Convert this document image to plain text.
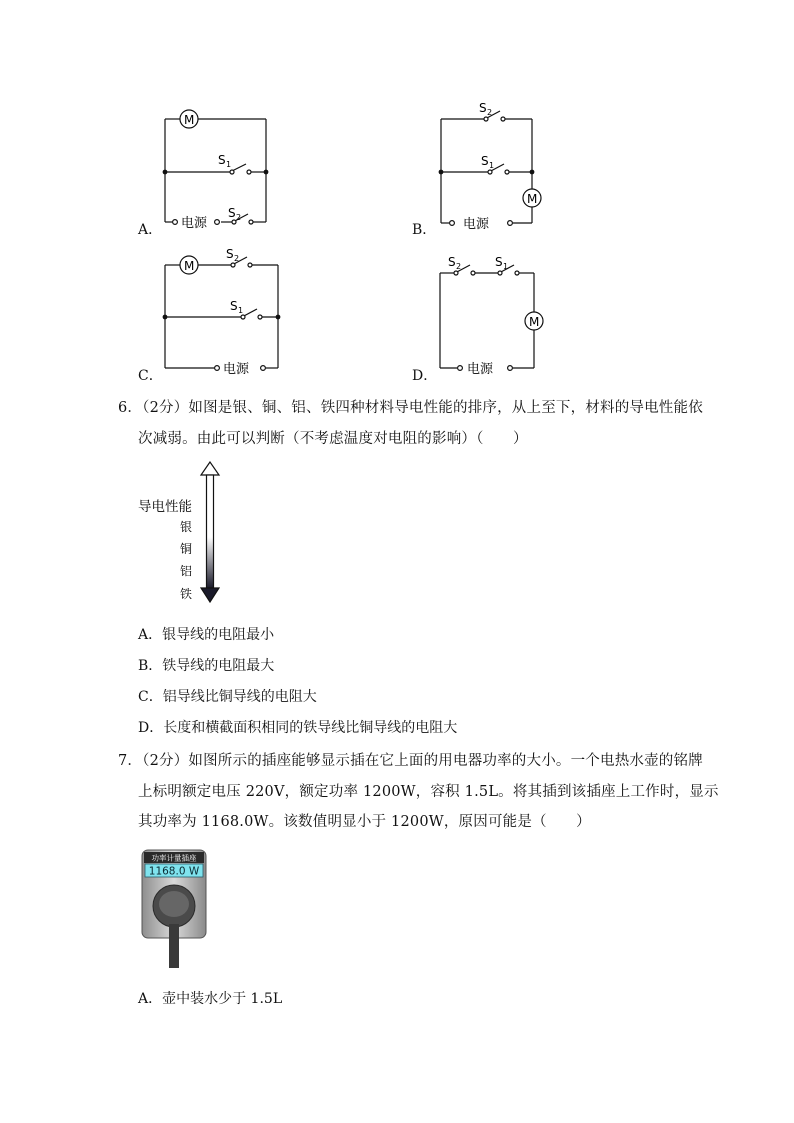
M
S 1
S 2
电源
A．
M
S 2
S 1
电源
B．
M
S 2
S 1
电源
C．
M
S 2	S 1
电源
D．
6．（2分）如图是银、铜、铝、铁四种材料导电性能的排序，从上至下，材料的导电性能依
次减弱。由此可以判断（不考虑温度对电阻的影响）（　　）
导电性能
银
铜
铝
铁
A．银导线的电阻最小
B．铁导线的电阻最大
C．铝导线比铜导线的电阻大
D．长度和横截面积相同的铁导线比铜导线的电阻大
7．（2分）如图所示的插座能够显示插在它上面的用电器功率的大小。一个电热水壶的铭牌
上标明额定电压 220V，额定功率 1200W，容积 1.5L。将其插到该插座上工作时，显示
其功率为 1168.0W。该数值明显小于 1200W，原因可能是（　　）
功率计量插座
1168.0 W
A．壶中装水少于 1.5L
